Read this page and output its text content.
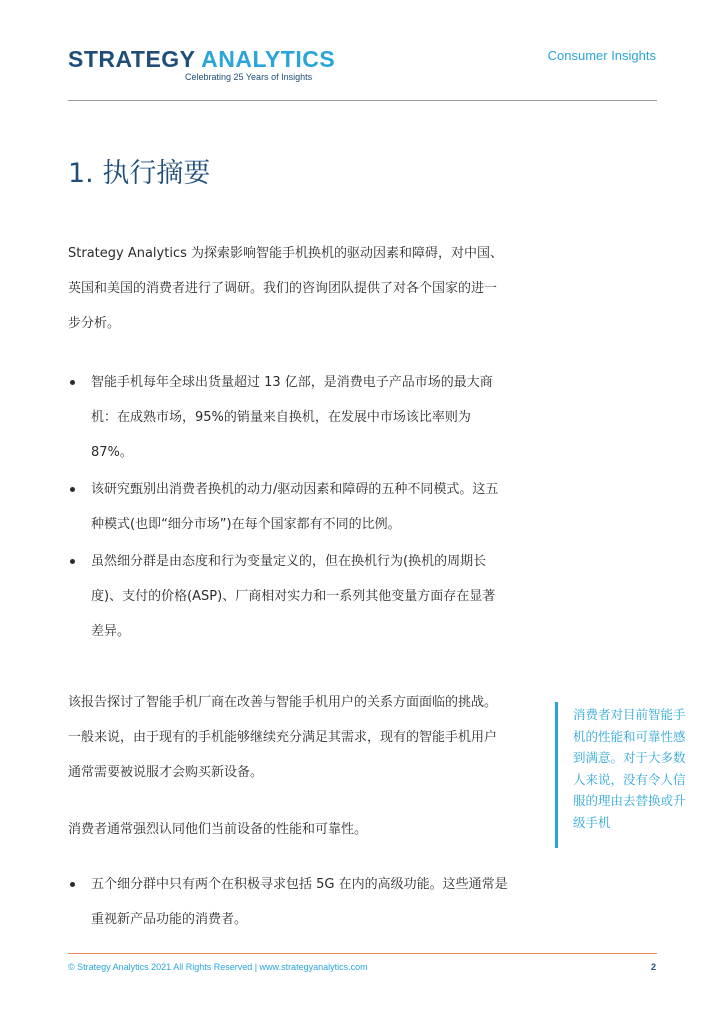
STRATEGY ANALYTICS
Celebrating 25 Years of Insights
Consumer Insights
1. 执行摘要

Strategy Analytics 为探索影响智能手机换机的驱动因素和障碍，对中国、英国和美国的消费者进行了调研。我们的咨询团队提供了对各个国家的进一步分析。

智能手机每年全球出货量超过 13 亿部，是消费电子产品市场的最大商机：在成熟市场，95%的销量来自换机，在发展中市场该比率则为 87%。
该研究甄别出消费者换机的动力/驱动因素和障碍的五种不同模式。这五种模式(也即“细分市场”)在每个国家都有不同的比例。
虽然细分群是由态度和行为变量定义的，但在换机行为(换机的周期长度)、支付的价格(ASP)、厂商相对实力和一系列其他变量方面存在显著差异。

该报告探讨了智能手机厂商在改善与智能手机用户的关系方面面临的挑战。一般来说，由于现有的手机能够继续充分满足其需求，现有的智能手机用户通常需要被说服才会购买新设备。

消费者通常强烈认同他们当前设备的性能和可靠性。

五个细分群中只有两个在积极寻求包括 5G 在内的高级功能。这些通常是重视新产品功能的消费者。
消费者对目前智能手机的性能和可靠性感到满意。对于大多数人来说，没有令人信服的理由去替换或升级手机
© Strategy Analytics 2021 All Rights Reserved | www.strategyanalytics.com	2
